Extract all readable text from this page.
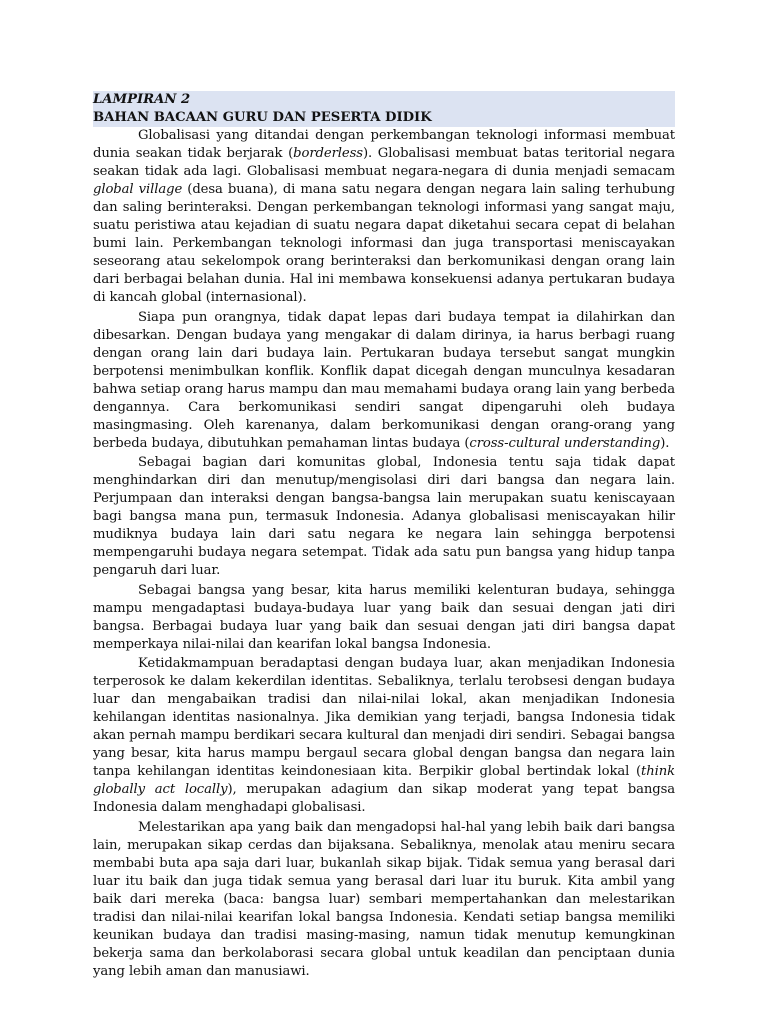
LAMPIRAN 2
BAHAN BACAAN GURU DAN PESERTA DIDIK

Globalisasi yang ditandai dengan perkembangan teknologi informasi membuat dunia seakan tidak berjarak (borderless). Globalisasi membuat batas teritorial negara seakan tidak ada lagi. Globalisasi membuat negara-negara di dunia menjadi semacam global village (desa buana), di mana satu negara dengan negara lain saling terhubung dan saling berinteraksi. Dengan perkembangan teknologi informasi yang sangat maju, suatu peristiwa atau kejadian di suatu negara dapat diketahui secara cepat di belahan bumi lain. Perkembangan teknologi informasi dan juga transportasi meniscayakan seseorang atau sekelompok orang berinteraksi dan berkomunikasi dengan orang lain dari berbagai belahan dunia. Hal ini membawa konsekuensi adanya pertukaran budaya di kancah global (internasional).

Siapa pun orangnya, tidak dapat lepas dari budaya tempat ia dilahirkan dan dibesarkan. Dengan budaya yang mengakar di dalam dirinya, ia harus berbagi ruang dengan orang lain dari budaya lain. Pertukaran budaya tersebut sangat mungkin berpotensi menimbulkan konflik. Konflik dapat dicegah dengan munculnya kesadaran bahwa setiap orang harus mampu dan mau memahami budaya orang lain yang berbeda dengannya. Cara berkomunikasi sendiri sangat dipengaruhi oleh budaya masingmasing. Oleh karenanya, dalam berkomunikasi dengan orang-orang yang berbeda budaya, dibutuhkan pemahaman lintas budaya (cross-cultural understanding).

Sebagai bagian dari komunitas global, Indonesia tentu saja tidak dapat menghindarkan diri dan menutup/mengisolasi diri dari bangsa dan negara lain. Perjumpaan dan interaksi dengan bangsa-bangsa lain merupakan suatu keniscayaan bagi bangsa mana pun, termasuk Indonesia. Adanya globalisasi meniscayakan hilir mudiknya budaya lain dari satu negara ke negara lain sehingga berpotensi mempengaruhi budaya negara setempat. Tidak ada satu pun bangsa yang hidup tanpa pengaruh dari luar.

Sebagai bangsa yang besar, kita harus memiliki kelenturan budaya, sehingga mampu mengadaptasi budaya-budaya luar yang baik dan sesuai dengan jati diri bangsa. Berbagai budaya luar yang baik dan sesuai dengan jati diri bangsa dapat memperkaya nilai-nilai dan kearifan lokal bangsa Indonesia.

Ketidakmampuan beradaptasi dengan budaya luar, akan menjadikan Indonesia terperosok ke dalam kekerdilan identitas. Sebaliknya, terlalu terobsesi dengan budaya luar dan mengabaikan tradisi dan nilai-nilai lokal, akan menjadikan Indonesia kehilangan identitas nasionalnya. Jika demikian yang terjadi, bangsa Indonesia tidak akan pernah mampu berdikari secara kultural dan menjadi diri sendiri. Sebagai bangsa yang besar, kita harus mampu bergaul secara global dengan bangsa dan negara lain tanpa kehilangan identitas keindonesiaan kita. Berpikir global bertindak lokal (think globally act locally), merupakan adagium dan sikap moderat yang tepat bangsa Indonesia dalam menghadapi globalisasi.

Melestarikan apa yang baik dan mengadopsi hal-hal yang lebih baik dari bangsa lain, merupakan sikap cerdas dan bijaksana. Sebaliknya, menolak atau meniru secara membabi buta apa saja dari luar, bukanlah sikap bijak. Tidak semua yang berasal dari luar itu baik dan juga tidak semua yang berasal dari luar itu buruk. Kita ambil yang baik dari mereka (baca: bangsa luar) sembari mempertahankan dan melestarikan tradisi dan nilai-nilai kearifan lokal bangsa Indonesia. Kendati setiap bangsa memiliki keunikan budaya dan tradisi masing-masing, namun tidak menutup kemungkinan bekerja sama dan berkolaborasi secara global untuk keadilan dan penciptaan dunia yang lebih aman dan manusiawi.
